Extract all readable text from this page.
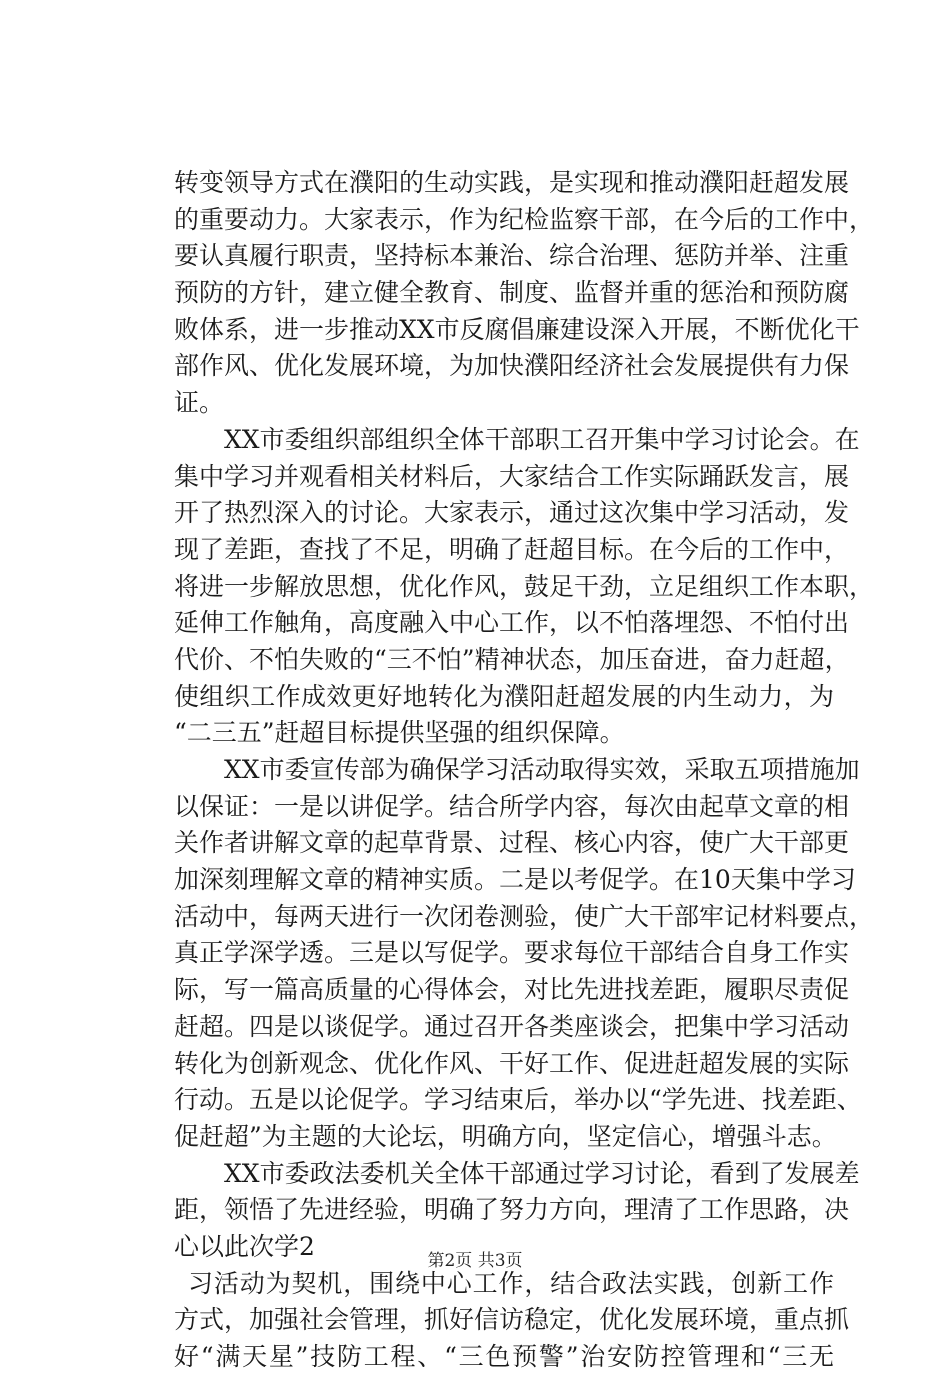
转变领导方式在濮阳的生动实践，是实现和推动濮阳赶超发展
的重要动力。大家表示，作为纪检监察干部，在今后的工作中，
要认真履行职责，坚持标本兼治、综合治理、惩防并举、注重
预防的方针，建立健全教育、制度、监督并重的惩治和预防腐
败体系，进一步推动XX市反腐倡廉建设深入开展，不断优化干
部作风、优化发展环境，为加快濮阳经济社会发展提供有力保
证。
XX市委组织部组织全体干部职工召开集中学习讨论会。在
集中学习并观看相关材料后，大家结合工作实际踊跃发言，展
开了热烈深入的讨论。大家表示，通过这次集中学习活动，发
现了差距，查找了不足，明确了赶超目标。在今后的工作中，
将进一步解放思想，优化作风，鼓足干劲，立足组织工作本职，
延伸工作触角，高度融入中心工作，以不怕落埋怨、不怕付出
代价、不怕失败的“三不怕”精神状态，加压奋进，奋力赶超，
使组织工作成效更好地转化为濮阳赶超发展的内生动力，为
“二三五”赶超目标提供坚强的组织保障。
XX市委宣传部为确保学习活动取得实效，采取五项措施加
以保证：一是以讲促学。结合所学内容，每次由起草文章的相
关作者讲解文章的起草背景、过程、核心内容，使广大干部更
加深刻理解文章的精神实质。二是以考促学。在10天集中学习
活动中，每两天进行一次闭卷测验，使广大干部牢记材料要点，
真正学深学透。三是以写促学。要求每位干部结合自身工作实
际，写一篇高质量的心得体会，对比先进找差距，履职尽责促
赶超。四是以谈促学。通过召开各类座谈会，把集中学习活动
转化为创新观念、优化作风、干好工作、促进赶超发展的实际
行动。五是以论促学。学习结束后，举办以“学先进、找差距、
促赶超”为主题的大论坛，明确方向，坚定信心，增强斗志。
XX市委政法委机关全体干部通过学习讨论，看到了发展差
距，领悟了先进经验，明确了努力方向，理清了工作思路，决
心以此次学2
习活动为契机，围绕中心工作，结合政法实践，创新工作
方式，加强社会管理，抓好信访稳定，优化发展环境，重点抓
好“满天星”技防工程、“三色预警”治安防控管理和“三无
第2页 共3页
